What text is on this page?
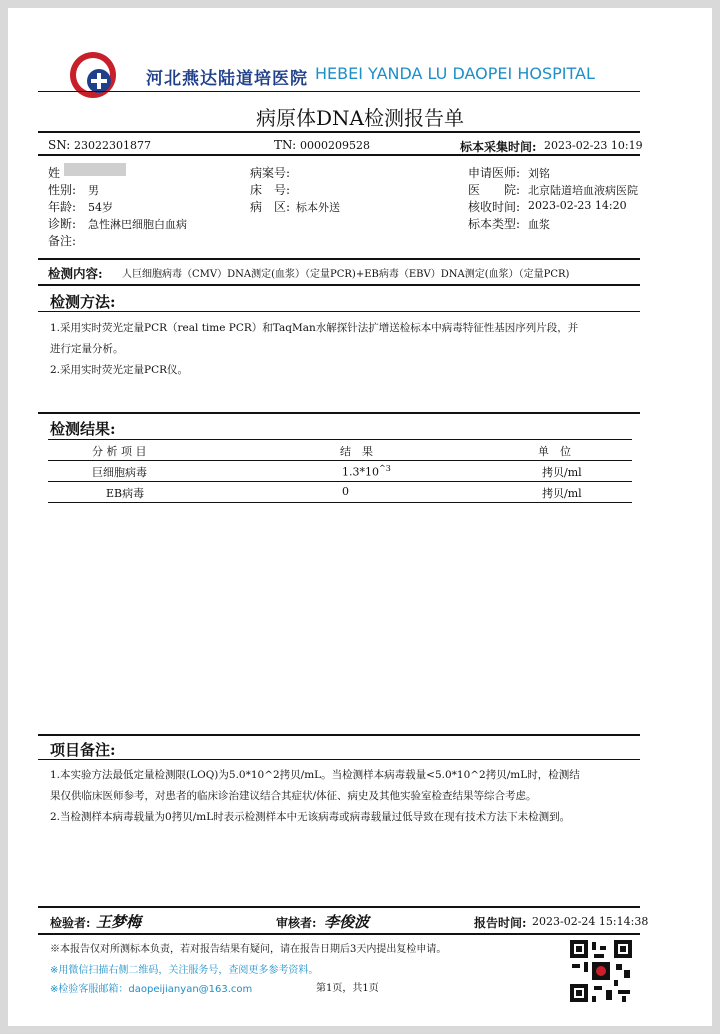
河北燕达陆道培医院 HEBEI YANDA LU DAOPEI HOSPITAL
病原体DNA检测报告单
SN: 23022301877	TN: 0000209528	标本采集时间: 2023-02-23 10:19
姓
性别: 男
年龄: 54岁
诊断: 急性淋巴细胞白血病
备注:
病案号:
床　号:
病　区: 标本外送
申请医师: 刘铭
医　　院: 北京陆道培血液病医院
核收时间: 2023-02-23 14:20
标本类型: 血浆
检测内容: 人巨细胞病毒（CMV）DNA测定(血浆）（定量PCR)+EB病毒（EBV）DNA测定(血浆）（定量PCR)
检测方法:
1.采用实时荧光定量PCR（real time PCR）和TaqMan水解探针法扩增送检标本中病毒特征性基因序列片段，并
进行定量分析。
2.采用实时荧光定量PCR仪。
检测结果:
分 析 项 目	结　果	单　位
巨细胞病毒	$1.3*10^{\^{}3}$	拷贝/ml
EB病毒	0	拷贝/ml
项目备注:
1.本实验方法最低定量检测限(LOQ)为5.0*10^2拷贝/mL。当检测样本病毒载量<5.0*10^2拷贝/mL时，检测结
果仅供临床医师参考，对患者的临床诊治建议结合其症状/体征、病史及其他实验室检查结果等综合考虑。
2.当检测样本病毒载量为0拷贝/mL时表示检测样本中无该病毒或病毒载量过低导致在现有技术方法下未检测到。
检验者: 王梦梅	审核者: 李俊波	报告时间: 2023-02-24 15:14:38
※本报告仅对所测标本负责，若对报告结果有疑问，请在报告日期后3天内提出复检申请。
※用微信扫描右侧二维码，关注服务号，查阅更多参考资料。
※检验客服邮箱：daopeijianyan@163.com	第1页，共1页
